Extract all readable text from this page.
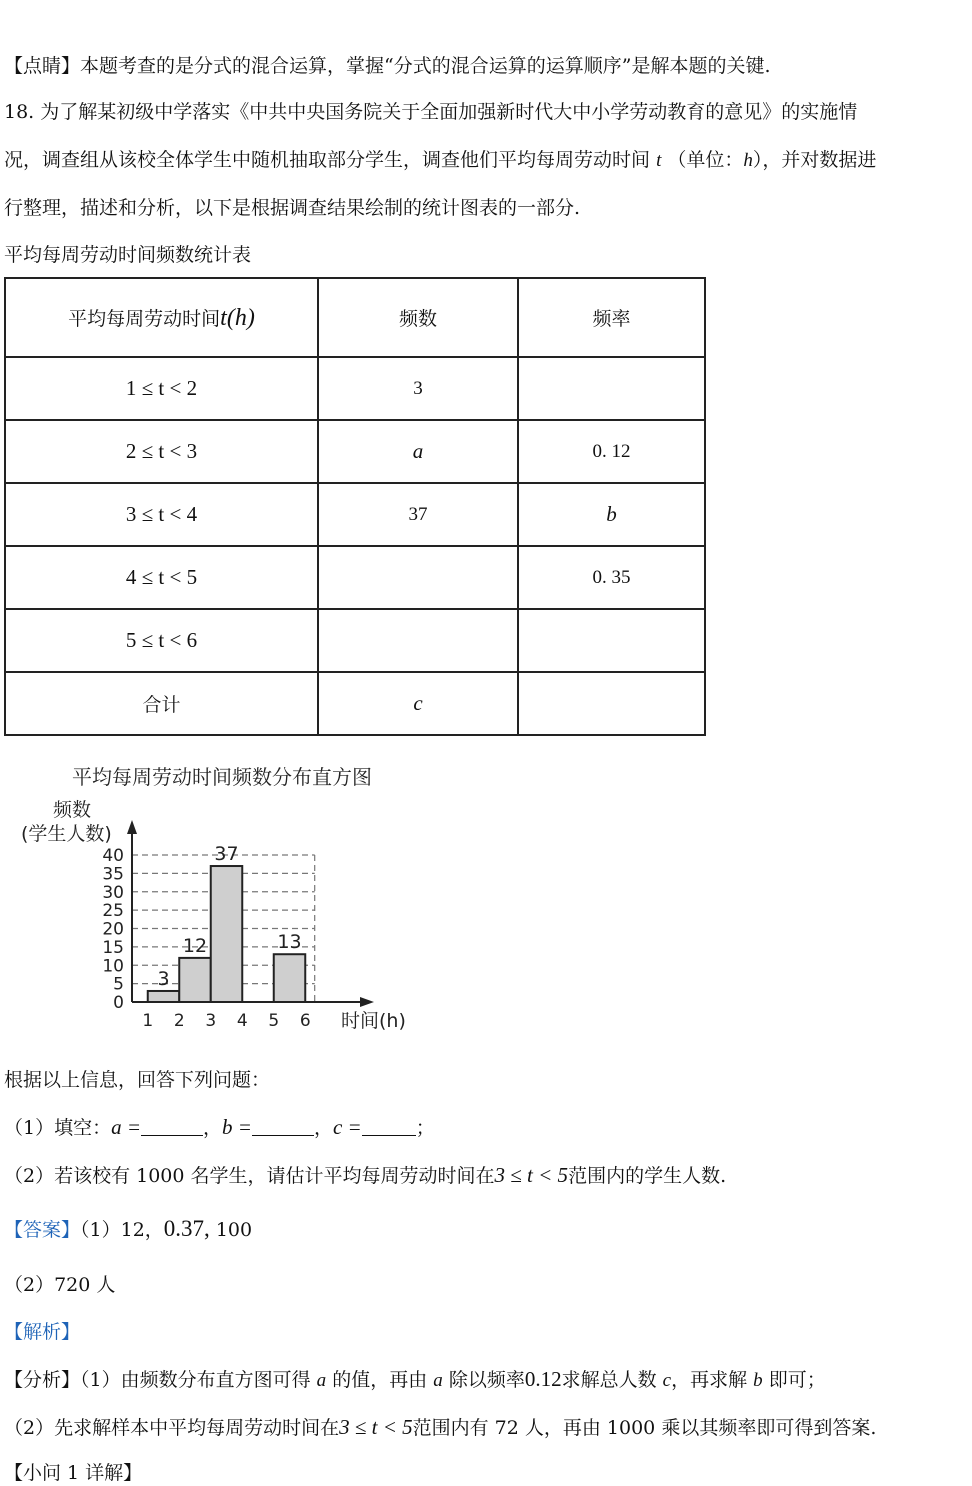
【点睛】本题考查的是分式的混合运算，掌握“分式的混合运算的运算顺序”是解本题的关键.
18. 为了解某初级中学落实《中共中央国务院关于全面加强新时代大中小学劳动教育的意见》的实施情
况，调查组从该校全体学生中随机抽取部分学生，调查他们平均每周劳动时间 t （单位：h），并对数据进
行整理，描述和分析，以下是根据调查结果绘制的统计图表的一部分.
平均每周劳动时间频数统计表
平均每周劳动时间t(h)	频数	频率
1 ≤ t < 2	3	
2 ≤ t < 3	a	0. 12
3 ≤ t < 4	37	b
4 ≤ t < 5		0. 35
5 ≤ t < 6		
合计	c	
平均每周劳动时间频数分布直方图
频数
(学生人数)
0
5
10
15
20
25
30
35
40
1 2 3 4 5 6
3
12
37
13
时间(h)
根据以上信息，回答下列问题：
（1）填空：a =	，b =	，c =	；
（2）若该校有 1000 名学生，请估计平均每周劳动时间在3 ≤ t < 5范围内的学生人数.
【答案】（1）12，0.37, 100
（2）720 人
【解析】
【分析】（1）由频数分布直方图可得 a 的值，再由 a 除以频率0.12求解总人数 c，再求解 b 即可；
（2）先求解样本中平均每周劳动时间在3 ≤ t < 5范围内有 72 人，再由 1000 乘以其频率即可得到答案.
【小问 1 详解】
